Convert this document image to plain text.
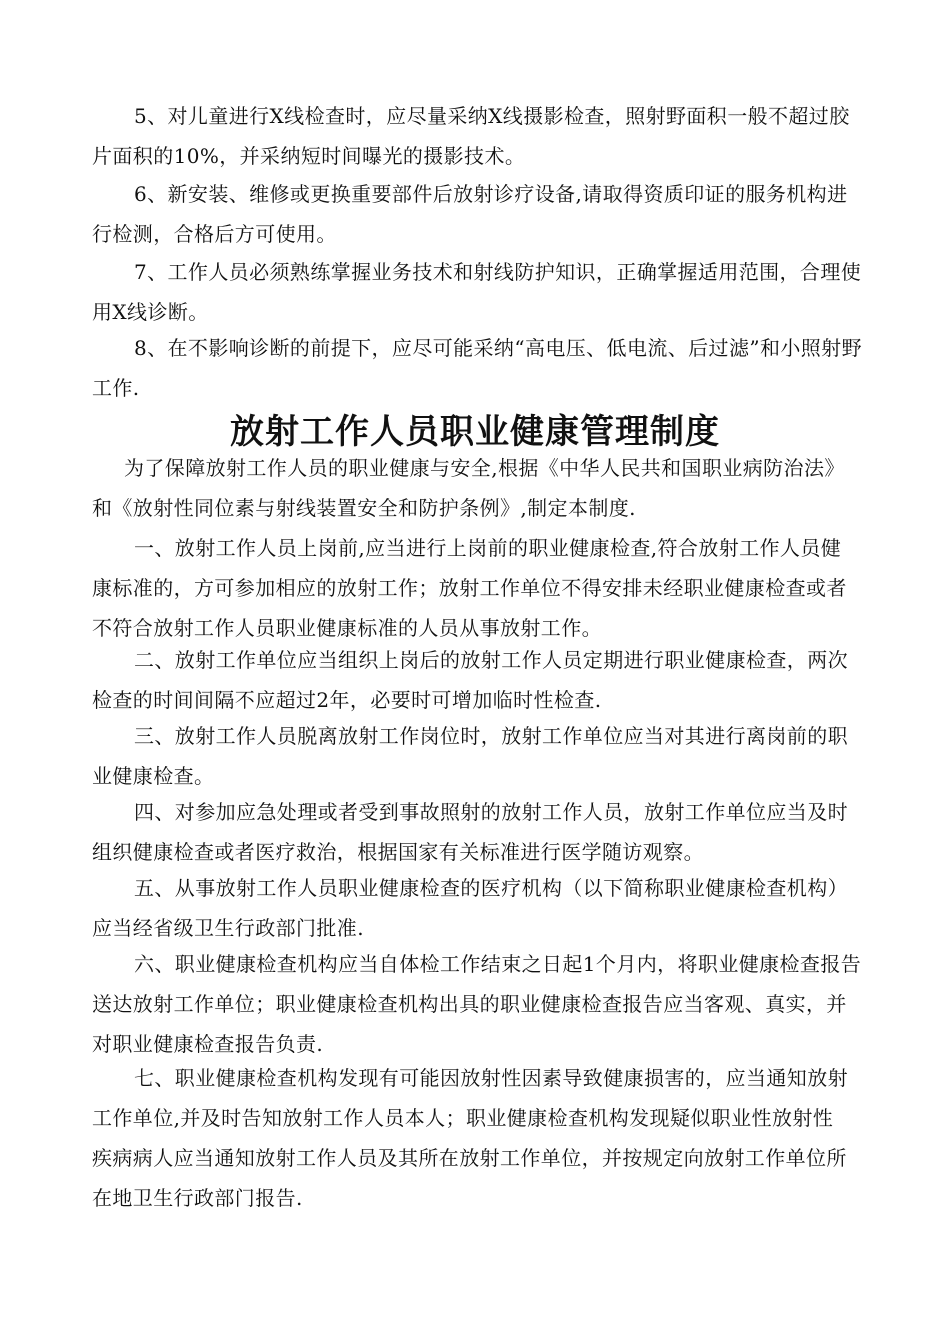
5、对儿童进行X线检查时，应尽量采纳X线摄影检查，照射野面积一般不超过胶片面积的10%，并采纳短时间曝光的摄影技术。

6、新安装、维修或更换重要部件后放射诊疗设备,请取得资质印证的服务机构进行检测，合格后方可使用。

7、工作人员必须熟练掌握业务技术和射线防护知识，正确掌握适用范围，合理使用X线诊断。

8、在不影响诊断的前提下，应尽可能采纳“高电压、低电流、后过滤”和小照射野工作.

放射工作人员职业健康管理制度

为了保障放射工作人员的职业健康与安全,根据《中华人民共和国职业病防治法》和《放射性同位素与射线装置安全和防护条例》,制定本制度.

一、放射工作人员上岗前,应当进行上岗前的职业健康检查,符合放射工作人员健康标准的，方可参加相应的放射工作；放射工作单位不得安排未经职业健康检查或者不符合放射工作人员职业健康标准的人员从事放射工作。

二、放射工作单位应当组织上岗后的放射工作人员定期进行职业健康检查，两次检查的时间间隔不应超过2年，必要时可增加临时性检查.

三、放射工作人员脱离放射工作岗位时，放射工作单位应当对其进行离岗前的职业健康检查。

四、对参加应急处理或者受到事故照射的放射工作人员，放射工作单位应当及时组织健康检查或者医疗救治，根据国家有关标准进行医学随访观察。

五、从事放射工作人员职业健康检查的医疗机构（以下简称职业健康检查机构）应当经省级卫生行政部门批准.

六、职业健康检查机构应当自体检工作结束之日起1个月内，将职业健康检查报告送达放射工作单位；职业健康检查机构出具的职业健康检查报告应当客观、真实，并对职业健康检查报告负责.

七、职业健康检查机构发现有可能因放射性因素导致健康损害的，应当通知放射工作单位,并及时告知放射工作人员本人；职业健康检查机构发现疑似职业性放射性疾病病人应当通知放射工作人员及其所在放射工作单位，并按规定向放射工作单位所在地卫生行政部门报告.
